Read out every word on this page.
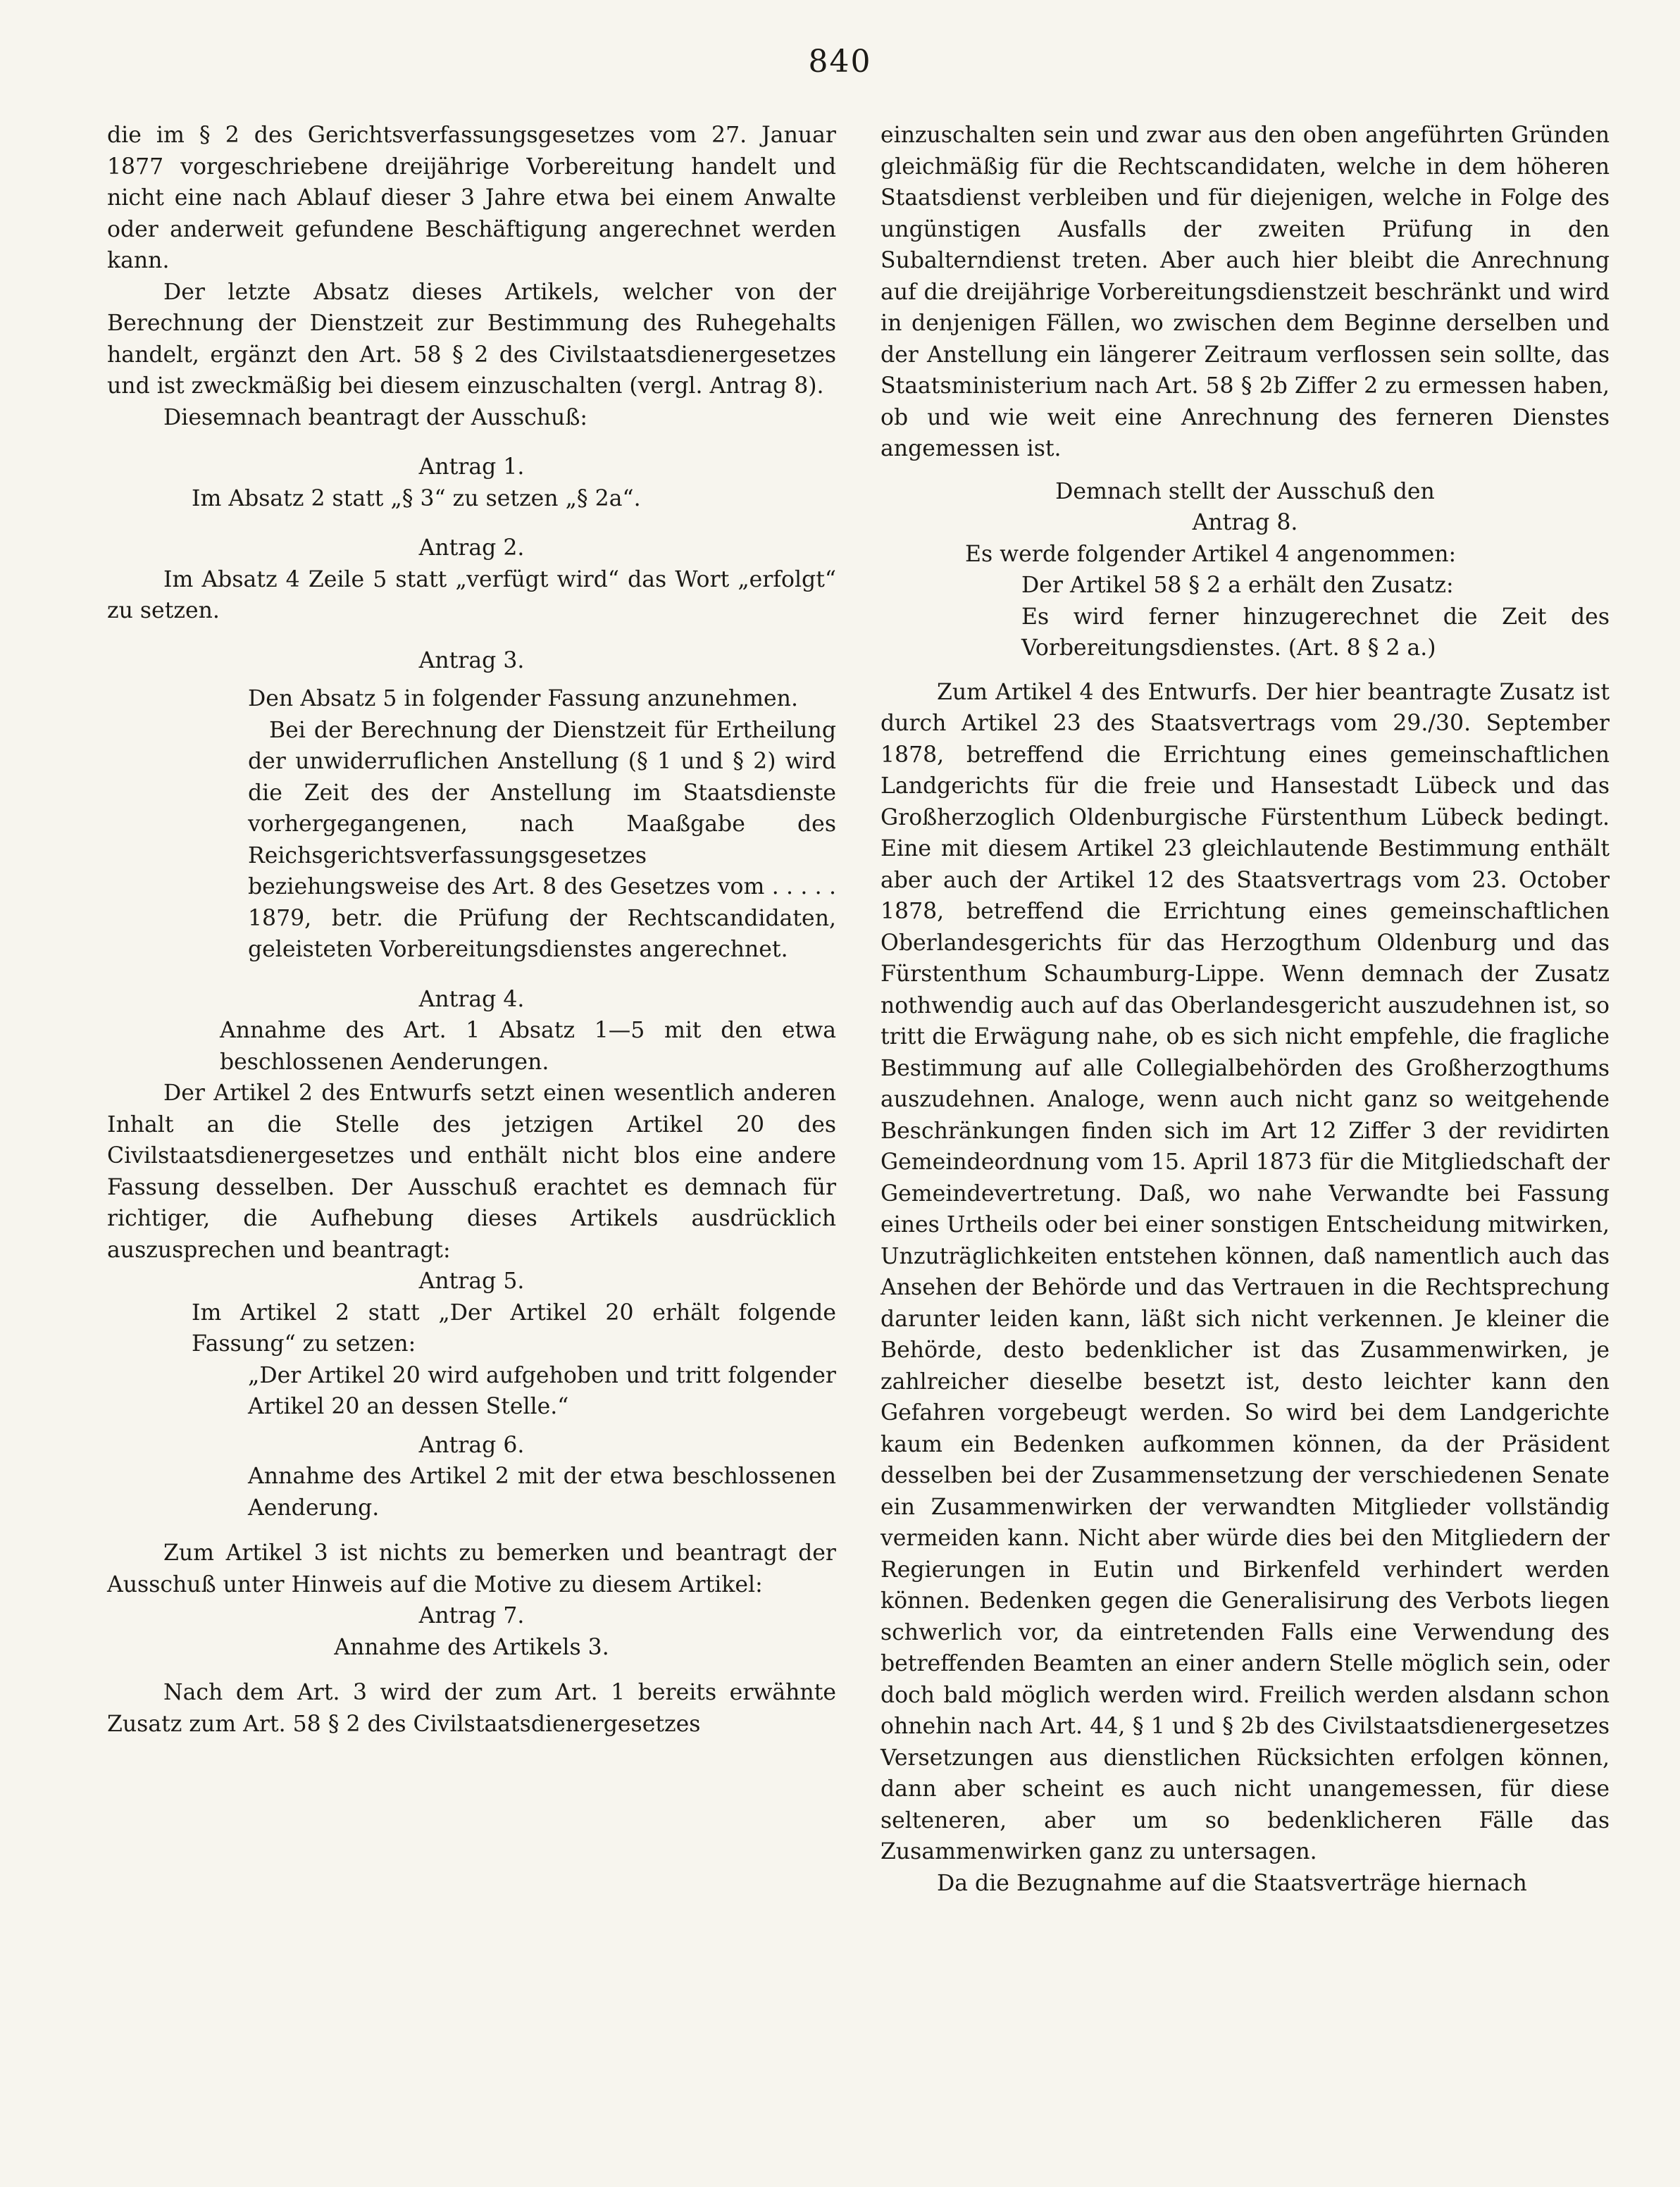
840

die im § 2 des Gerichtsverfassungsgesetzes vom 27. Januar 1877 vorgeschriebene dreijährige Vorbereitung handelt und nicht eine nach Ablauf dieser 3 Jahre etwa bei einem Anwalte oder anderweit gefundene Beschäftigung angerechnet werden kann.

Der letzte Absatz dieses Artikels, welcher von der Berechnung der Dienstzeit zur Bestimmung des Ruhegehalts handelt, ergänzt den Art. 58 § 2 des Civilstaatsdienergesetzes und ist zweckmäßig bei diesem einzuschalten (vergl. Antrag 8).

Diesemnach beantragt der Ausschuß:

Antrag 1.

Im Absatz 2 statt „§ 3“ zu setzen „§ 2a“.

Antrag 2.

Im Absatz 4 Zeile 5 statt „verfügt wird“ das Wort „erfolgt“ zu setzen.

Antrag 3.

Den Absatz 5 in folgender Fassung anzunehmen.

Bei der Berechnung der Dienstzeit für Ertheilung der unwiderruflichen Anstellung (§ 1 und § 2) wird die Zeit des der Anstellung im Staatsdienste vorhergegangenen, nach Maaßgabe des Reichsgerichtsverfassungsgesetzes beziehungsweise des Art. 8 des Gesetzes vom . . . . . 1879, betr. die Prüfung der Rechtscandidaten, geleisteten Vorbereitungsdienstes angerechnet.

Antrag 4.

Annahme des Art. 1 Absatz 1—5 mit den etwa beschlossenen Aenderungen.

Der Artikel 2 des Entwurfs setzt einen wesentlich anderen Inhalt an die Stelle des jetzigen Artikel 20 des Civilstaatsdienergesetzes und enthält nicht blos eine andere Fassung desselben. Der Ausschuß erachtet es demnach für richtiger, die Aufhebung dieses Artikels ausdrücklich auszusprechen und beantragt:

Antrag 5.

Im Artikel 2 statt „Der Artikel 20 erhält folgende Fassung“ zu setzen:

„Der Artikel 20 wird aufgehoben und tritt folgender Artikel 20 an dessen Stelle.“

Antrag 6.

Annahme des Artikel 2 mit der etwa beschlossenen Aenderung.

Zum Artikel 3 ist nichts zu bemerken und beantragt der Ausschuß unter Hinweis auf die Motive zu diesem Artikel:

Antrag 7.

Annahme des Artikels 3.

Nach dem Art. 3 wird der zum Art. 1 bereits erwähnte Zusatz zum Art. 58 § 2 des Civilstaatsdienergesetzes

einzuschalten sein und zwar aus den oben angeführten Gründen gleichmäßig für die Rechtscandidaten, welche in dem höheren Staatsdienst verbleiben und für diejenigen, welche in Folge des ungünstigen Ausfalls der zweiten Prüfung in den Subalterndienst treten. Aber auch hier bleibt die Anrechnung auf die dreijährige Vorbereitungsdienstzeit beschränkt und wird in denjenigen Fällen, wo zwischen dem Beginne derselben und der Anstellung ein längerer Zeitraum verflossen sein sollte, das Staatsministerium nach Art. 58 § 2b Ziffer 2 zu ermessen haben, ob und wie weit eine Anrechnung des ferneren Dienstes angemessen ist.

Demnach stellt der Ausschuß den

Antrag 8.

Es werde folgender Artikel 4 angenommen:

Der Artikel 58 § 2 a erhält den Zusatz:

Es wird ferner hinzugerechnet die Zeit des Vorbereitungsdienstes. (Art. 8 § 2 a.)

Zum Artikel 4 des Entwurfs. Der hier beantragte Zusatz ist durch Artikel 23 des Staatsvertrags vom 29./30. September 1878, betreffend die Errichtung eines gemeinschaftlichen Landgerichts für die freie und Hansestadt Lübeck und das Großherzoglich Oldenburgische Fürstenthum Lübeck bedingt. Eine mit diesem Artikel 23 gleichlautende Bestimmung enthält aber auch der Artikel 12 des Staatsvertrags vom 23. October 1878, betreffend die Errichtung eines gemeinschaftlichen Oberlandesgerichts für das Herzogthum Oldenburg und das Fürstenthum Schaumburg-Lippe. Wenn demnach der Zusatz nothwendig auch auf das Oberlandesgericht auszudehnen ist, so tritt die Erwägung nahe, ob es sich nicht empfehle, die fragliche Bestimmung auf alle Collegialbehörden des Großherzogthums auszudehnen. Analoge, wenn auch nicht ganz so weitgehende Beschränkungen finden sich im Art 12 Ziffer 3 der revidirten Gemeindeordnung vom 15. April 1873 für die Mitgliedschaft der Gemeindevertretung. Daß, wo nahe Verwandte bei Fassung eines Urtheils oder bei einer sonstigen Entscheidung mitwirken, Unzuträglichkeiten entstehen können, daß namentlich auch das Ansehen der Behörde und das Vertrauen in die Rechtsprechung darunter leiden kann, läßt sich nicht verkennen. Je kleiner die Behörde, desto bedenklicher ist das Zusammenwirken, je zahlreicher dieselbe besetzt ist, desto leichter kann den Gefahren vorgebeugt werden. So wird bei dem Landgerichte kaum ein Bedenken aufkommen können, da der Präsident desselben bei der Zusammensetzung der verschiedenen Senate ein Zusammenwirken der verwandten Mitglieder vollständig vermeiden kann. Nicht aber würde dies bei den Mitgliedern der Regierungen in Eutin und Birkenfeld verhindert werden können. Bedenken gegen die Generalisirung des Verbots liegen schwerlich vor, da eintretenden Falls eine Verwendung des betreffenden Beamten an einer andern Stelle möglich sein, oder doch bald möglich werden wird. Freilich werden alsdann schon ohnehin nach Art. 44, § 1 und § 2b des Civilstaatsdienergesetzes Versetzungen aus dienstlichen Rücksichten erfolgen können, dann aber scheint es auch nicht unangemessen, für diese selteneren, aber um so bedenklicheren Fälle das Zusammenwirken ganz zu untersagen.

Da die Bezugnahme auf die Staatsverträge hiernach
